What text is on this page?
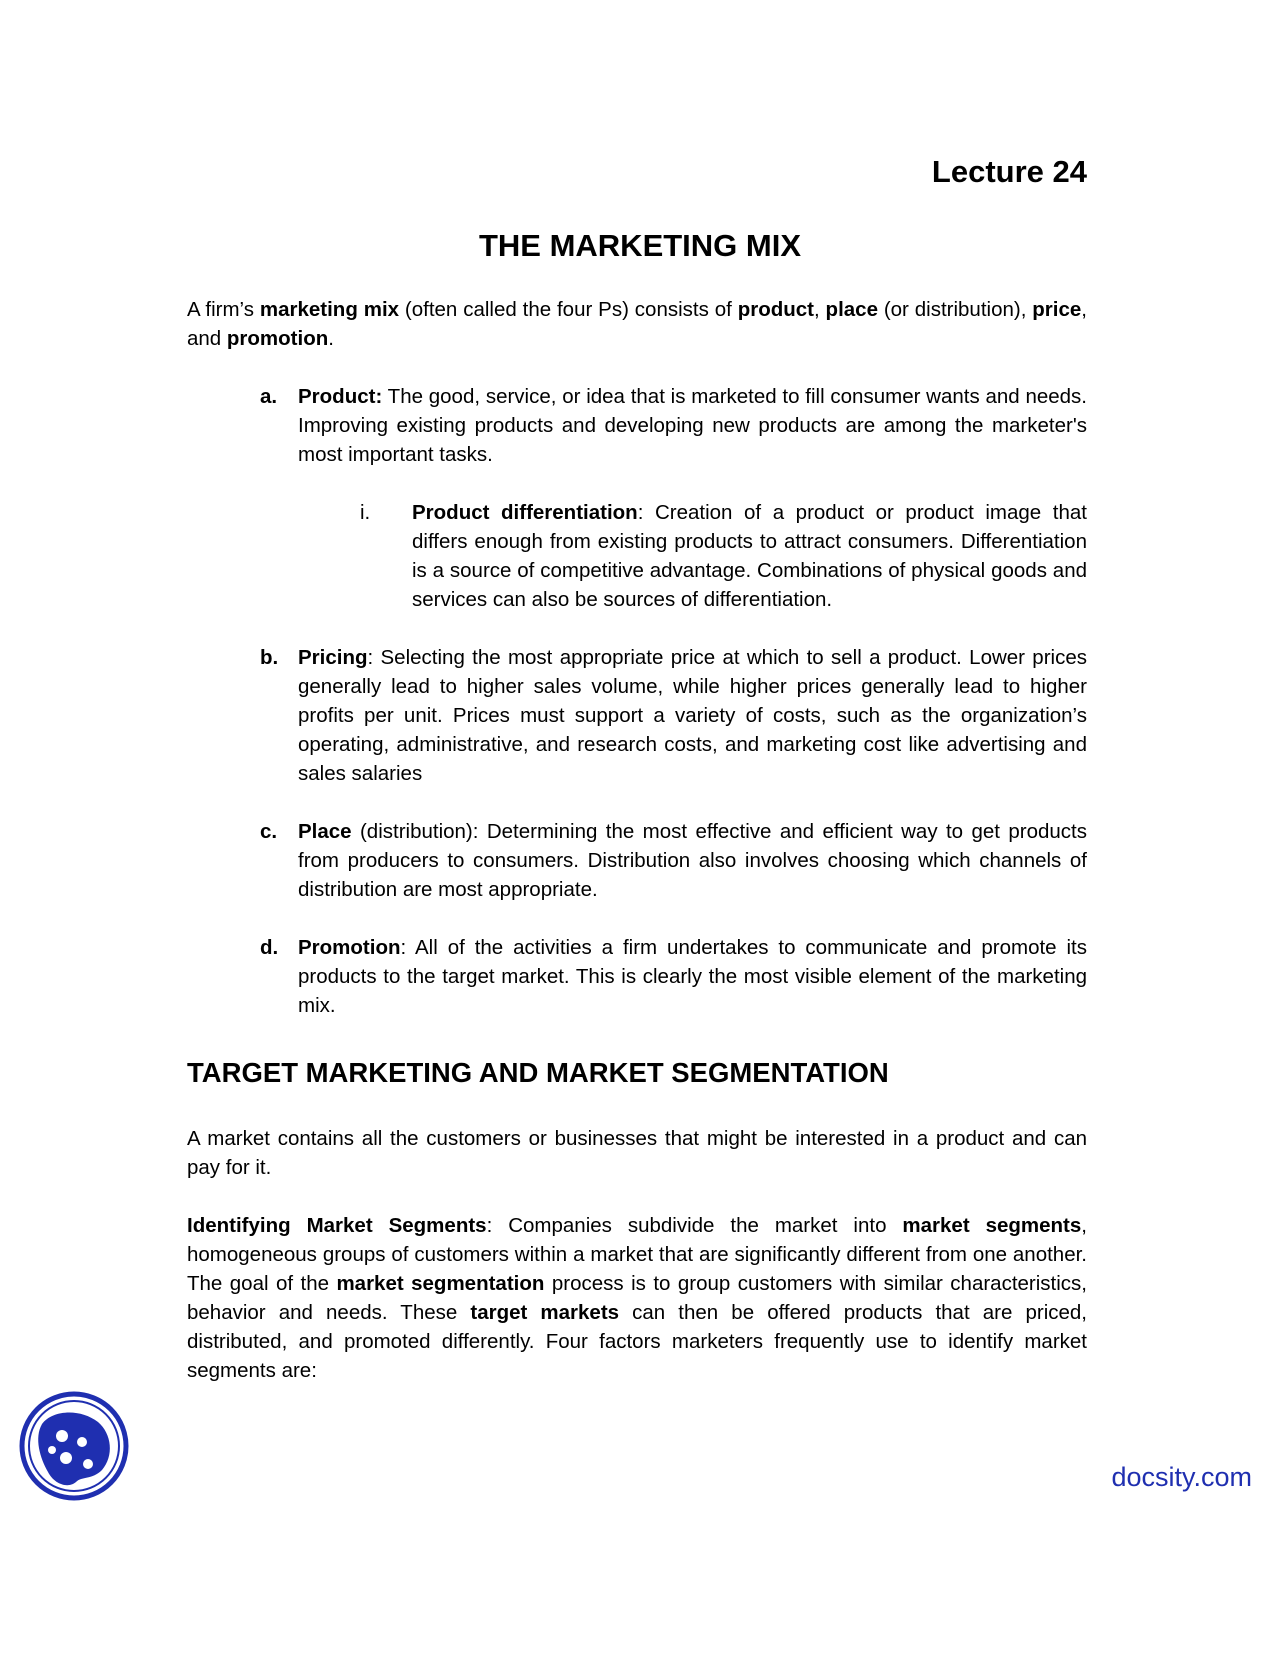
Lecture 24
THE MARKETING MIX
A firm’s marketing mix (often called the four Ps) consists of product, place (or distribution), price, and promotion.
a. Product: The good, service, or idea that is marketed to fill consumer wants and needs. Improving existing products and developing new products are among the marketer's most important tasks.
i. Product differentiation: Creation of a product or product image that differs enough from existing products to attract consumers. Differentiation is a source of competitive advantage. Combinations of physical goods and services can also be sources of differentiation.
b. Pricing: Selecting the most appropriate price at which to sell a product. Lower prices generally lead to higher sales volume, while higher prices generally lead to higher profits per unit. Prices must support a variety of costs, such as the organization’s operating, administrative, and research costs, and marketing cost like advertising and sales salaries
c. Place (distribution): Determining the most effective and efficient way to get products from producers to consumers. Distribution also involves choosing which channels of distribution are most appropriate.
d. Promotion: All of the activities a firm undertakes to communicate and promote its products to the target market. This is clearly the most visible element of the marketing mix.
TARGET MARKETING AND MARKET SEGMENTATION
A market contains all the customers or businesses that might be interested in a product and can pay for it.
Identifying Market Segments: Companies subdivide the market into market segments, homogeneous groups of customers within a market that are significantly different from one another. The goal of the market segmentation process is to group customers with similar characteristics, behavior and needs. These target markets can then be offered products that are priced, distributed, and promoted differently. Four factors marketers frequently use to identify market segments are:
docsity.com
